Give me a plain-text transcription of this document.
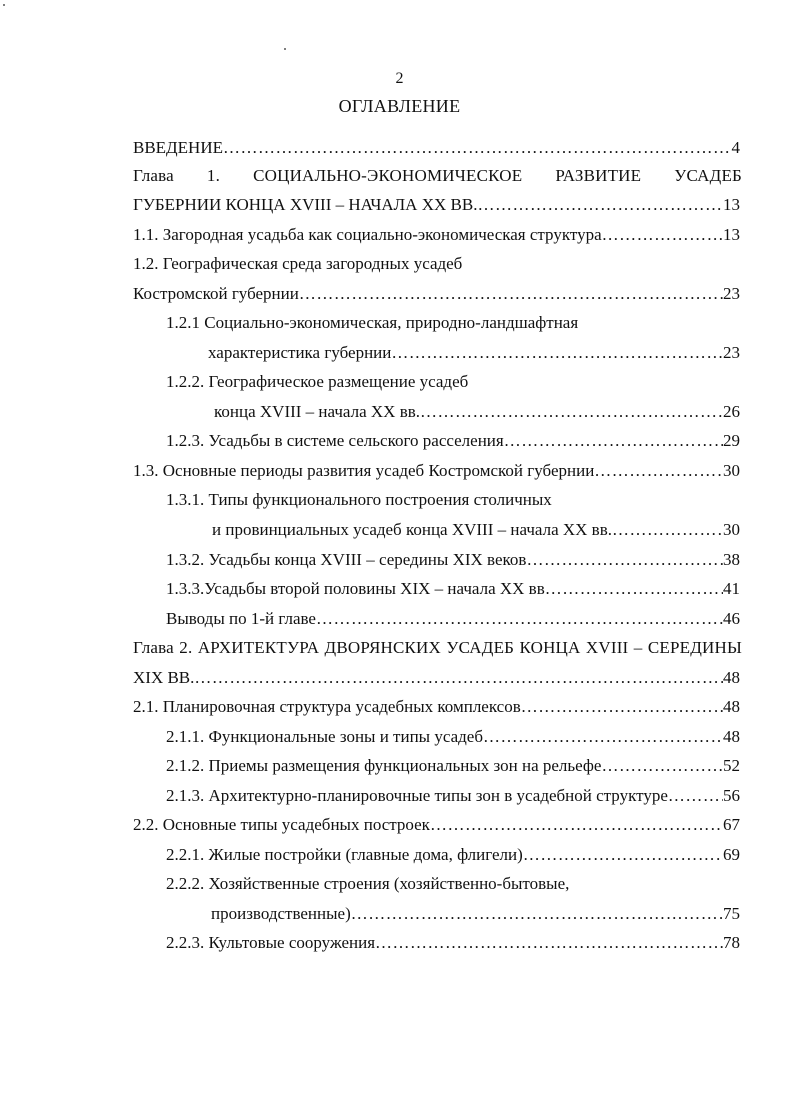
2
ОГЛАВЛЕНИЕ
ВВЕДЕНИЕ ……………………………………………………………………………………………………………………………………………………………………………………………………	4
Глава 1. СОЦИАЛЬНО-ЭКОНОМИЧЕСКОЕ РАЗВИТИЕ УСАДЕБ
ГУБЕРНИИ КОНЦА XVIII – НАЧАЛА XX ВВ. ……………………………………………………………………………………………………………………………………………………………………………………………………	13
1.1. Загородная усадьба как социально-экономическая структура ……………………………………………………………………………………………………………………………………………………………………………………………………	13
1.2. Географическая среда загородных усадеб
Костромской губернии ……………………………………………………………………………………………………………………………………………………………………………………………………	23
1.2.1 Социально-экономическая, природно-ландшафтная
характеристика губернии ……………………………………………………………………………………………………………………………………………………………………………………………………	23
1.2.2. Географическое размещение усадеб
конца XVIII – начала XX вв. ……………………………………………………………………………………………………………………………………………………………………………………………………	26
1.2.3. Усадьбы в системе сельского расселения ……………………………………………………………………………………………………………………………………………………………………………………………………	29
1.3. Основные периоды развития усадеб Костромской губернии ……………………………………………………………………………………………………………………………………………………………………………………………………	30
1.3.1. Типы функционального построения столичных
и провинциальных усадеб конца XVIII – начала XX вв. ……………………………………………………………………………………………………………………………………………………………………………………………………	30
1.3.2. Усадьбы конца XVIII – середины XIX веков ……………………………………………………………………………………………………………………………………………………………………………………………………	38
1.3.3.Усадьбы второй половины XIX – начала XX вв ……………………………………………………………………………………………………………………………………………………………………………………………………	41
Выводы по 1-й главе ……………………………………………………………………………………………………………………………………………………………………………………………………	46
Глава 2. АРХИТЕКТУРА ДВОРЯНСКИХ УСАДЕБ КОНЦА XVIII – СЕРЕДИНЫ
XIX ВВ. ……………………………………………………………………………………………………………………………………………………………………………………………………	48
2.1. Планировочная структура усадебных комплексов ……………………………………………………………………………………………………………………………………………………………………………………………………	48
2.1.1. Функциональные зоны и типы усадеб ……………………………………………………………………………………………………………………………………………………………………………………………………	48
2.1.2. Приемы размещения функциональных зон на рельефе ……………………………………………………………………………………………………………………………………………………………………………………………………	52
2.1.3. Архитектурно-планировочные типы зон в усадебной структуре ……………………………………………………………………………………………………………………………………………………………………………………………………	56
2.2. Основные типы усадебных построек ……………………………………………………………………………………………………………………………………………………………………………………………………	67
2.2.1. Жилые постройки (главные дома, флигели) ……………………………………………………………………………………………………………………………………………………………………………………………………	69
2.2.2. Хозяйственные строения (хозяйственно-бытовые,
производственные) ……………………………………………………………………………………………………………………………………………………………………………………………………	75
2.2.3. Культовые сооружения ……………………………………………………………………………………………………………………………………………………………………………………………………	78
